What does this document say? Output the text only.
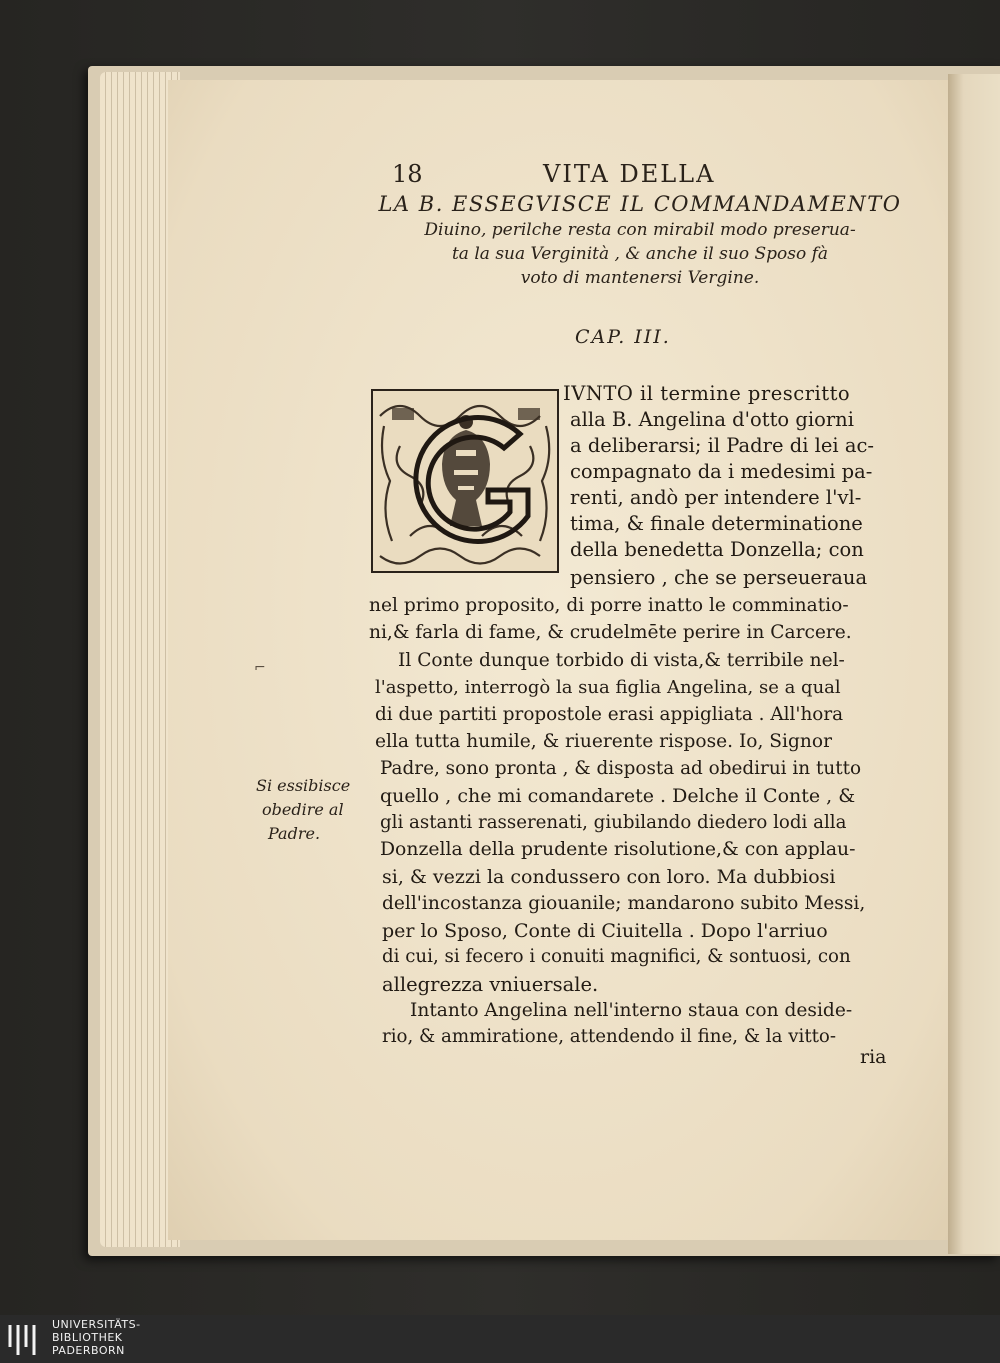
18	VITA DELLA

LA B. ESSEGVISCE IL COMMANDAMENTO

Diuino, perilche resta con mirabil modo preserua-

ta la sua Verginità , & anche il suo Sposo fà

voto di mantenersi Vergine.

CAP. III.
IVNTO il termine prescritto
alla B. Angelina d'otto giorni
a deliberarsi; il Padre di lei ac-
compagnato da i medesimi pa-
renti, andò per intendere l'vl-
tima, & finale determinatione
della benedetta Donzella; con
pensiero , che se perseueraua
nel primo proposito, di porre inatto le comminatio-
ni,& farla di fame, & crudelmēte perire in Carcere.
Il Conte dunque torbido di vista,& terribile nel-
l'aspetto, interrogò la sua figlia Angelina, se a qual
di due partiti propostole erasi appigliata . All'hora
ella tutta humile, & riuerente rispose. Io, Signor
Padre, sono pronta , & disposta ad obedirui in tutto
quello , che mi comandarete . Delche il Conte , &
gli astanti rasserenati, giubilando diedero lodi alla
Donzella della prudente risolutione,& con applau-
si, & vezzi la condussero con loro. Ma dubbiosi
dell'incostanza giouanile; mandarono subito Messi,
per lo Sposo, Conte di Ciuitella . Dopo l'arriuo
di cui, si fecero i conuiti magnifici, & sontuosi, con
allegrezza vniuersale.
Intanto Angelina nell'interno staua con deside-
rio, & ammiratione, attendendo il fine, & la vitto-
ria
⌐
Si essibisce
obedire al
Padre.
UNIVERSITÄTS-
BIBLIOTHEK
PADERBORN
